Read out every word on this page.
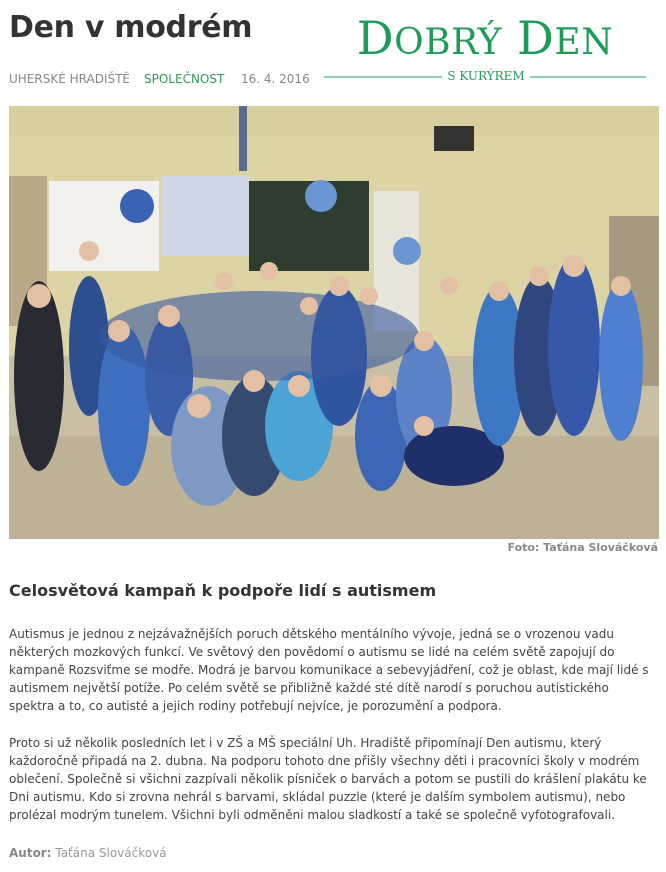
Den v modrém	DOBRÝ DEN
S KURÝREM
UHERSKÉ HRADIŠTĚ SPOLEČNOST 16. 4. 2016
Foto: Taťána Slováčková
Celosvětová kampaň k podpoře lidí s autismem

Autismus je jednou z nejzávažnějších poruch dětského mentálního vývoje, jedná se o vrozenou vadu některých mozkových funkcí. Ve světový den povědomí o autismu se lidé na celém světě zapojují do kampaně Rozsviťme se modře. Modrá je barvou komunikace a sebevyjádření, což je oblast, kde mají lidé s autismem největší potíže. Po celém světě se přibližně každé sté dítě narodí s poruchou autistického spektra a to, co autisté a jejich rodiny potřebují nejvíce, je porozumění a podpora.

Proto si už několik posledních let i v ZŠ a MŠ speciální Uh. Hradiště připomínají Den autismu, který každoročně připadá na 2. dubna. Na podporu tohoto dne přišly všechny děti i pracovníci školy v modrém oblečení. Společně si všichni zazpívali několik písniček o barvách a potom se pustili do krášlení plakátu ke Dni autismu. Kdo si zrovna nehrál s barvami, skládal puzzle (které je dalším symbolem autismu), nebo prolézal modrým tunelem. Všichni byli odměněni malou sladkostí a také se společně vyfotografovali.

Autor: Taťána Slováčková
